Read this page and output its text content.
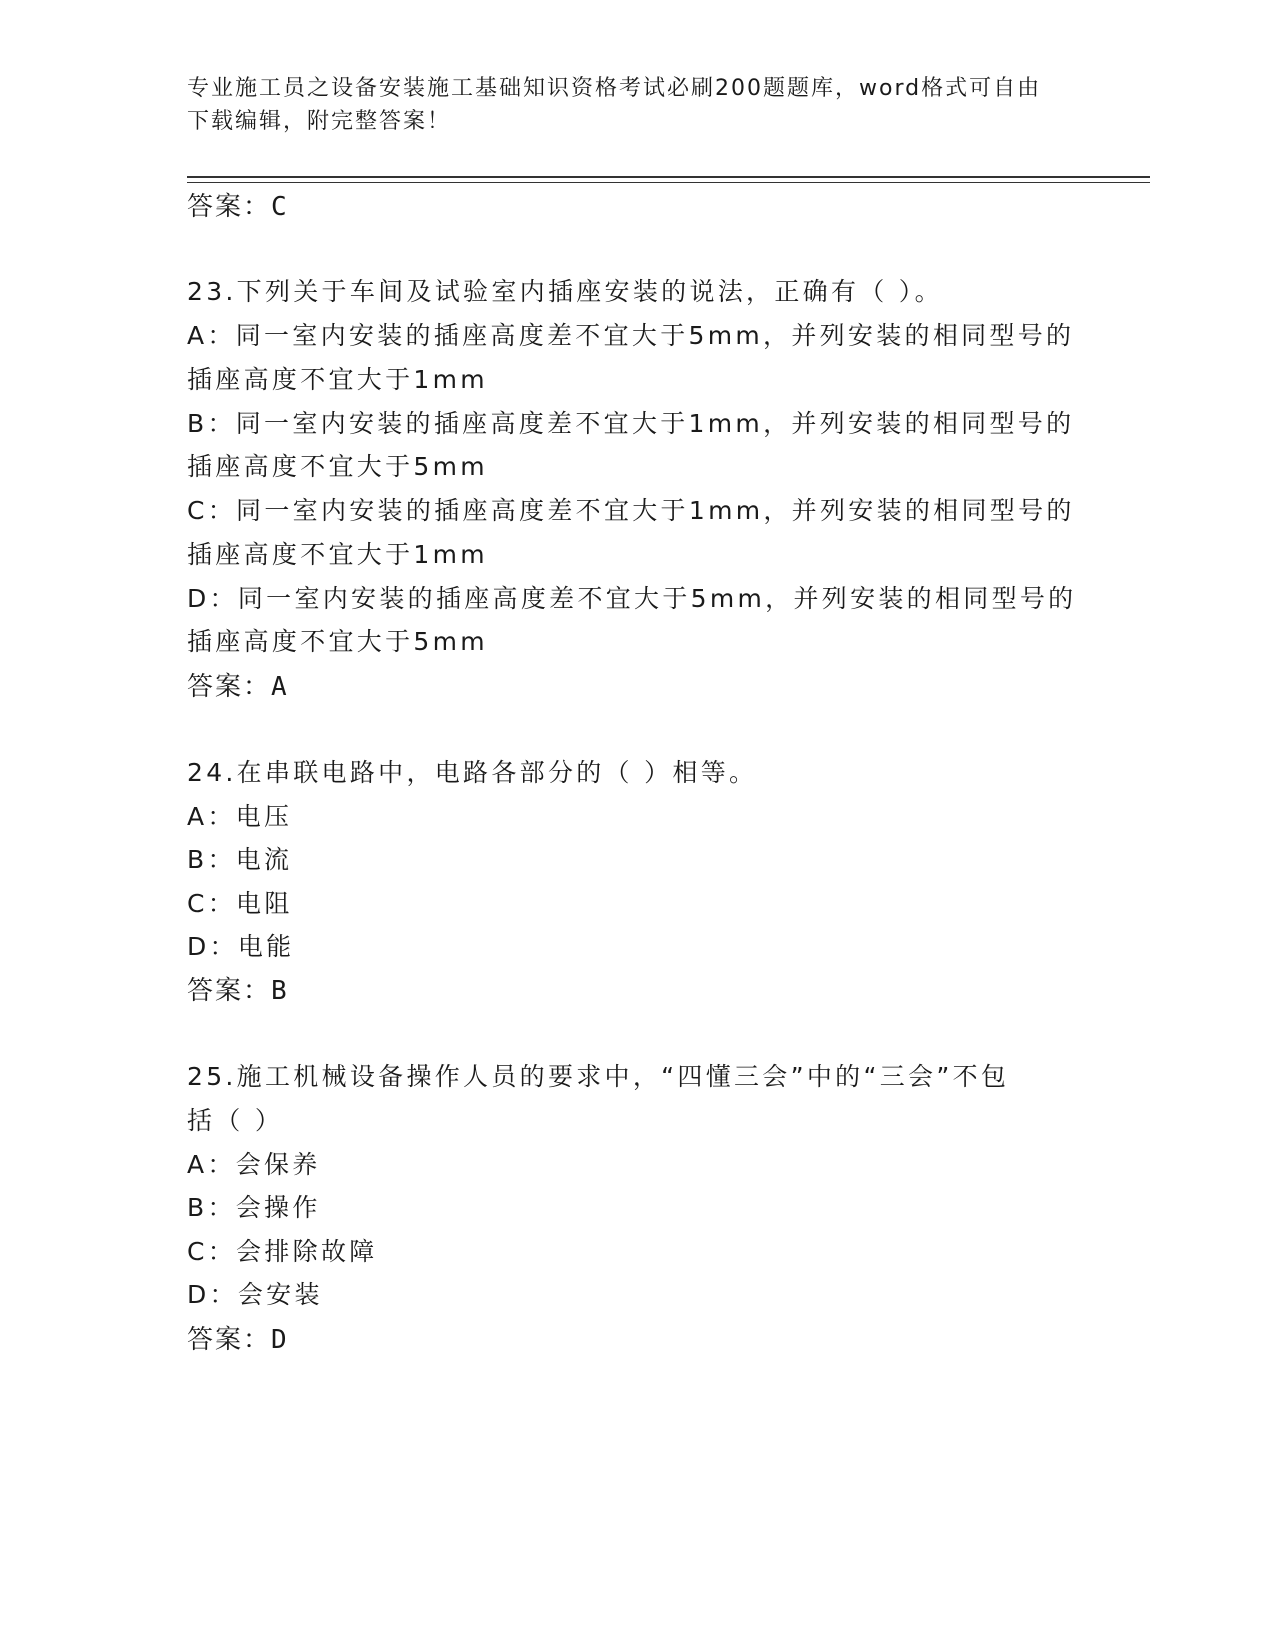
专业施工员之设备安装施工基础知识资格考试必刷200题题库，word格式可自由
下载编辑，附完整答案！
答案：C
23.下列关于车间及试验室内插座安装的说法，正确有（ ）。
A：同一室内安装的插座高度差不宜大于5mm，并列安装的相同型号的
插座高度不宜大于1mm
B：同一室内安装的插座高度差不宜大于1mm，并列安装的相同型号的
插座高度不宜大于5mm
C：同一室内安装的插座高度差不宜大于1mm，并列安装的相同型号的
插座高度不宜大于1mm
D：同一室内安装的插座高度差不宜大于5mm，并列安装的相同型号的
插座高度不宜大于5mm
答案：A
24.在串联电路中，电路各部分的（ ）相等。
A：电压
B：电流
C：电阻
D：电能
答案：B
25.施工机械设备操作人员的要求中，“四懂三会”中的“三会”不包
括（ ）
A：会保养
B：会操作
C：会排除故障
D：会安装
答案：D
